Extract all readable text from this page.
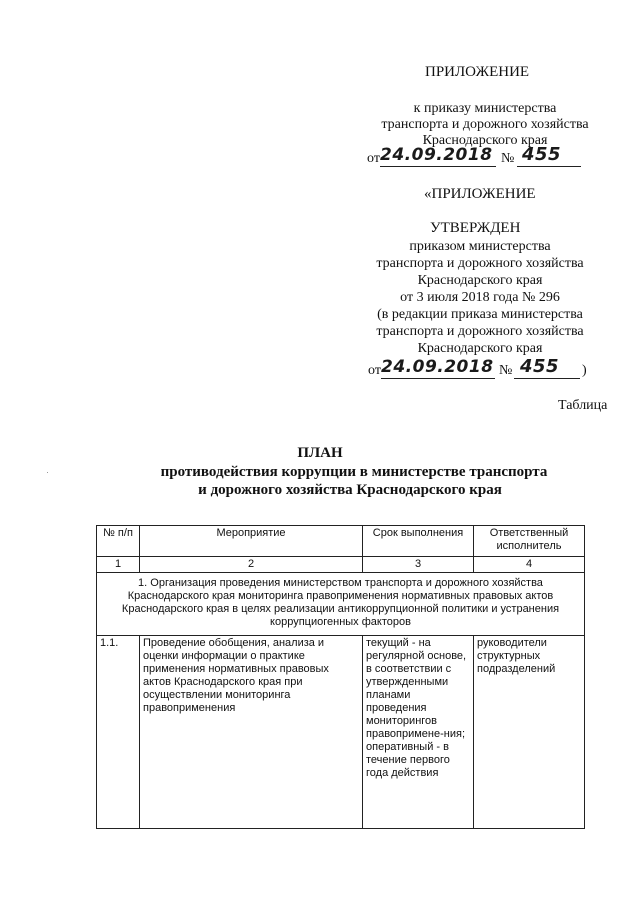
ПРИЛОЖЕНИЕ
к приказу министерства
транспорта и дорожного хозяйства
Краснодарского края
от 24.09.2018 № 455
«ПРИЛОЖЕНИЕ
УТВЕРЖДЕН
приказом министерства
транспорта и дорожного хозяйства
Краснодарского края
от 3 июля 2018 года № 296
(в редакции приказа министерства
транспорта и дорожного хозяйства
Краснодарского края
от 24.09.2018 № 455 )
Таблица
ПЛАН
противодействия коррупции в министерстве транспорта
и дорожного хозяйства Краснодарского края
№ п/п	Мероприятие	Срок выполнения	Ответственный исполнитель
1	2	3	4
1. Организация проведения министерством транспорта и дорожного хозяйства Краснодарского края мониторинга правоприменения нормативных правовых актов Краснодарского края в целях реализации антикоррупционной политики и устранения коррупциогенных факторов			
1.1.	Проведение обобщения, анализа и оценки информации о практике применения нормативных правовых актов Краснодарского края при осуществлении мониторинга правоприменения	текущий - на регулярной основе, в соответствии с утвержденными планами проведения мониторингов правопримене-ния; оперативный - в течение первого года действия	руководители структурных подразделений
